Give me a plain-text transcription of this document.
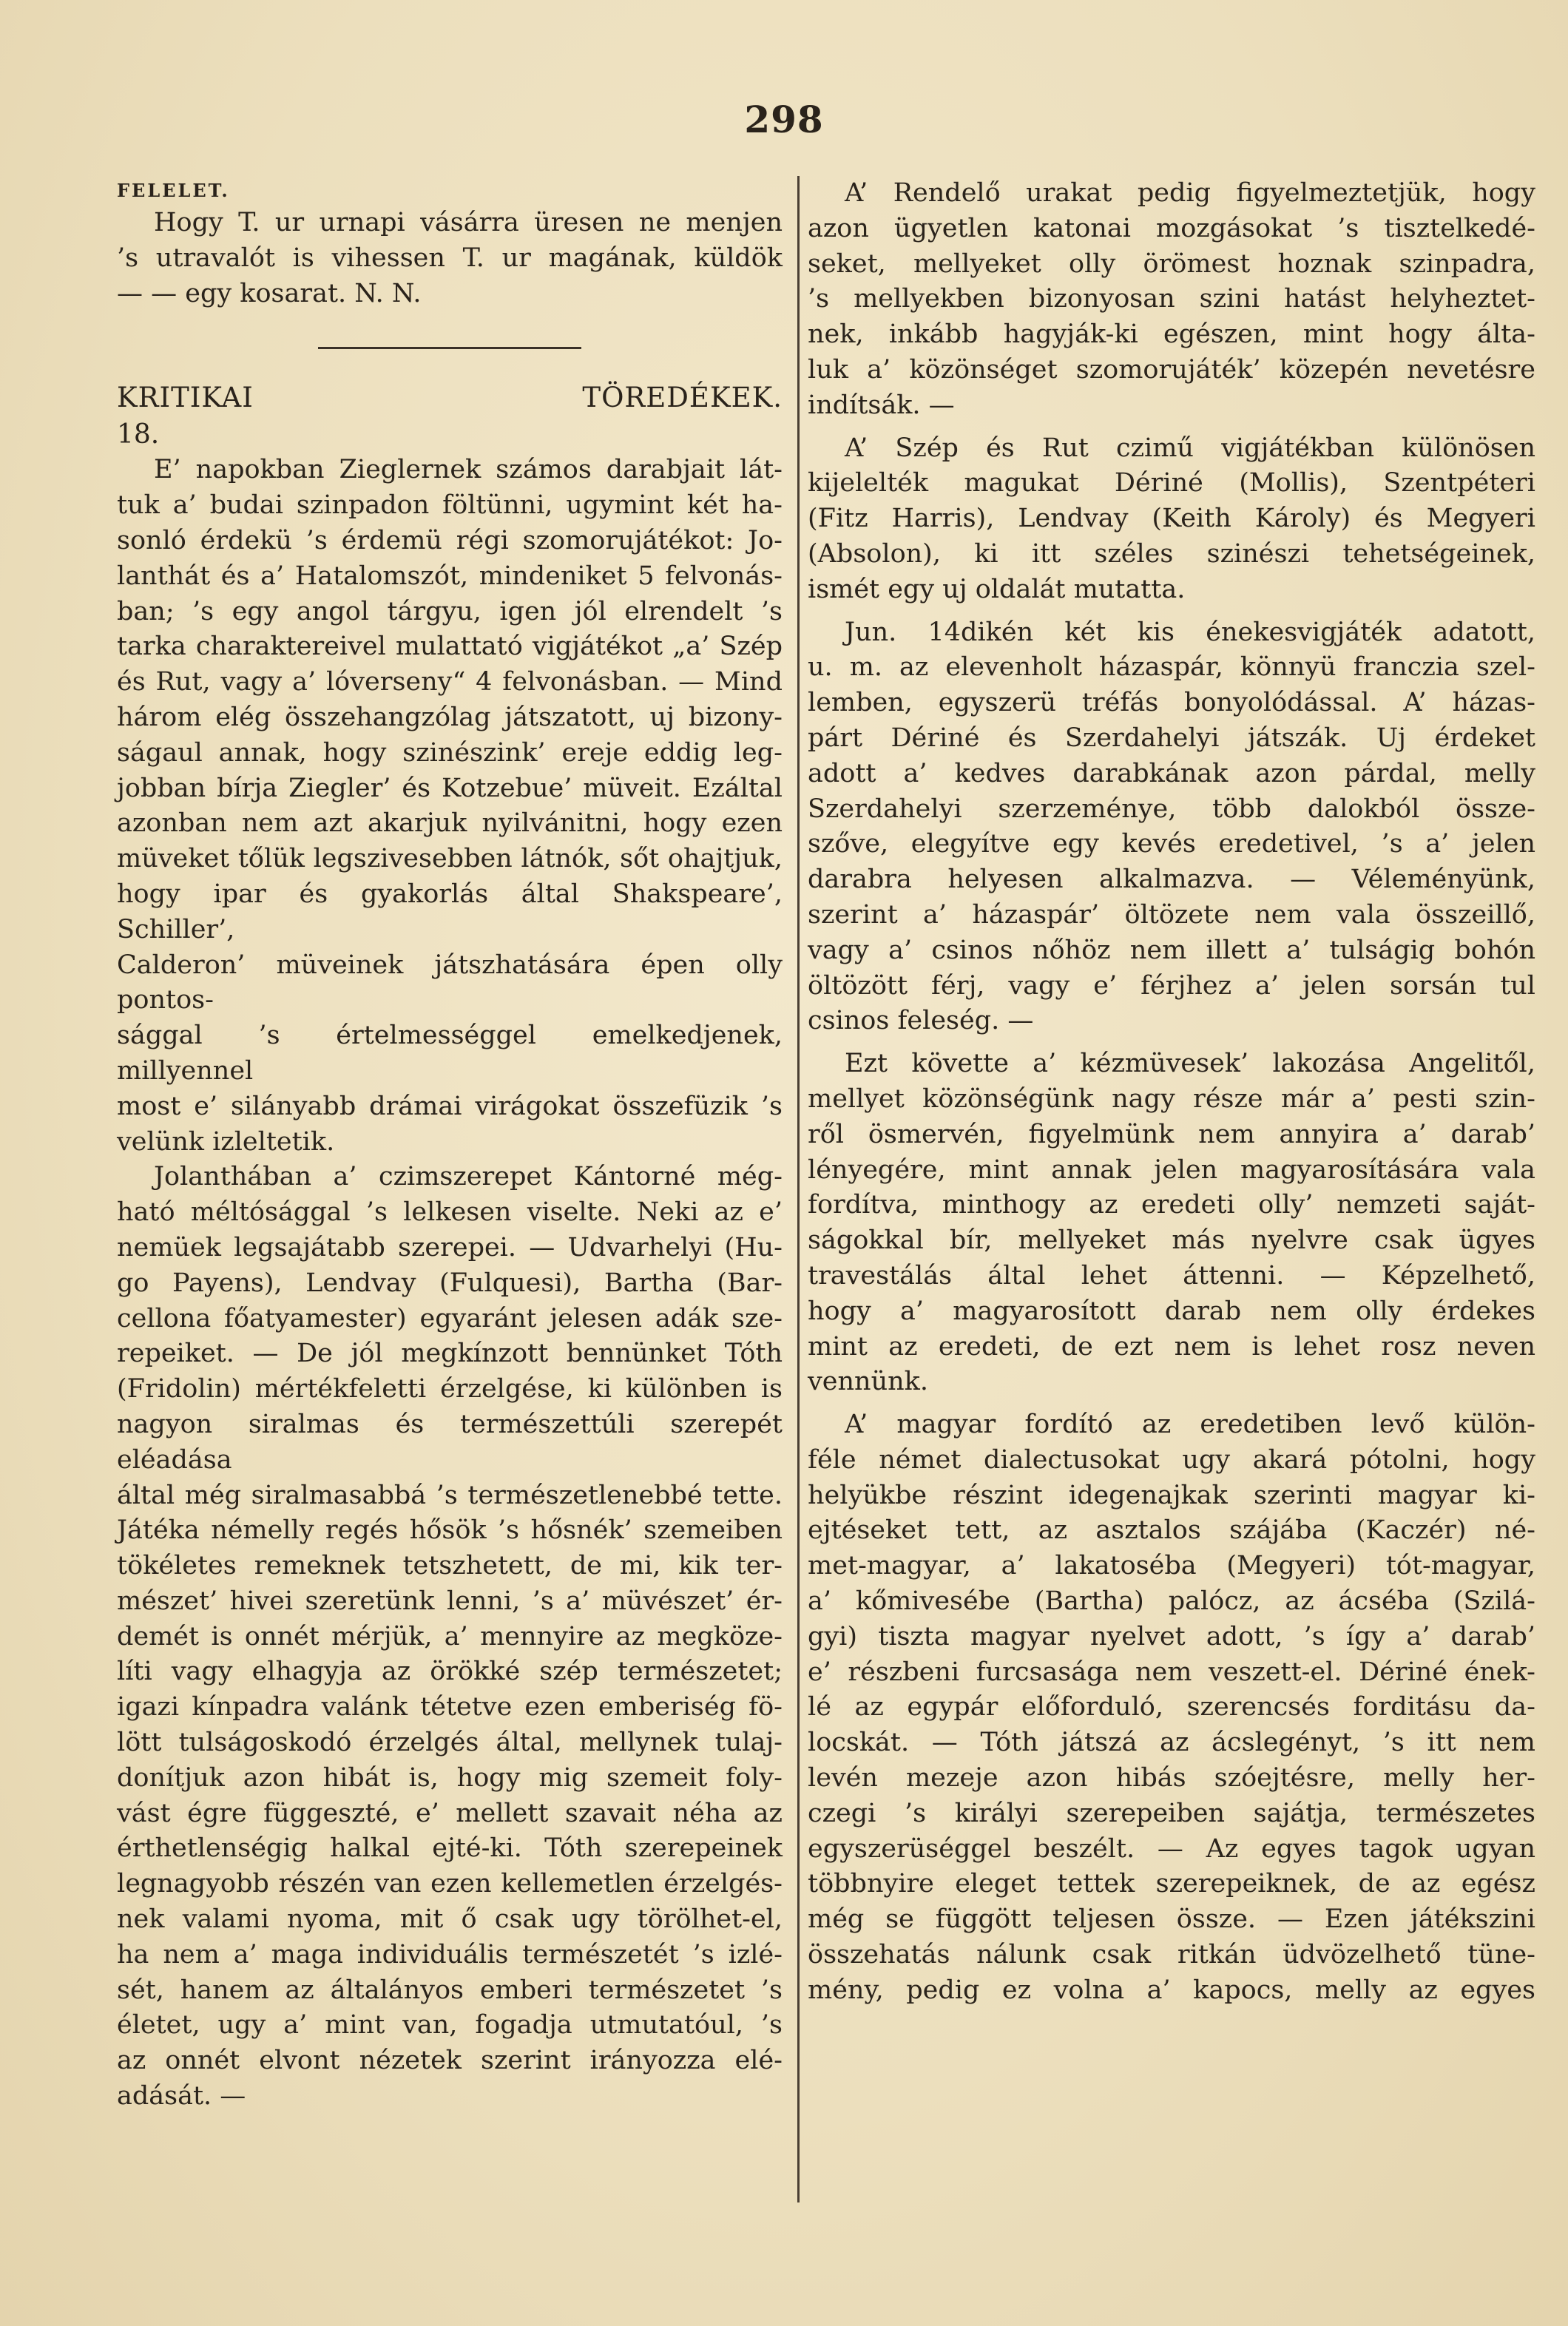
298

FELELET.

Hogy T. ur urnapi vásárra üresen ne menjen

’s utravalót is vihessen T. ur magának, küldök

— — egy kosarat. N. N.

KRITIKAI TÖREDÉKEK.

18.

E’ napokban Zieglernek számos darabjait lát-

tuk a’ budai szinpadon föltünni, ugymint két ha-

sonló érdekü ’s érdemü régi szomorujátékot: Jo-

lanthát és a’ Hatalomszót, mindeniket 5 felvonás-

ban; ’s egy angol tárgyu, igen jól elrendelt ’s

tarka charaktereivel mulattató vigjátékot „a’ Szép

és Rut, vagy a’ lóverseny“ 4 felvonásban. — Mind

három elég összehangzólag játszatott, uj bizony-

ságaul annak, hogy szinészink’ ereje eddig leg-

jobban bírja Ziegler’ és Kotzebue’ müveit. Ezáltal

azonban nem azt akarjuk nyilvánitni, hogy ezen

müveket tőlük legszivesebben látnók, sőt ohajtjuk,

hogy ipar és gyakorlás által Shakspeare’, Schiller’,

Calderon’ müveinek játszhatására épen olly pontos-

sággal ’s értelmességgel emelkedjenek, millyennel

most e’ silányabb drámai virágokat összefüzik ’s

velünk izleltetik.

Jolanthában a’ czimszerepet Kántorné még-

ható méltósággal ’s lelkesen viselte. Neki az e’

nemüek legsajátabb szerepei. — Udvarhelyi (Hu-

go Payens), Lendvay (Fulquesi), Bartha (Bar-

cellona főatyamester) egyaránt jelesen adák sze-

repeiket. — De jól megkínzott bennünket Tóth

(Fridolin) mértékfeletti érzelgése, ki különben is

nagyon siralmas és természettúli szerepét eléadása

által még siralmasabbá ’s természetlenebbé tette.

Játéka némelly regés hősök ’s hősnék’ szemeiben

tökéletes remeknek tetszhetett, de mi, kik ter-

mészet’ hivei szeretünk lenni, ’s a’ müvészet’ ér-

demét is onnét mérjük, a’ mennyire az megköze-

líti vagy elhagyja az örökké szép természetet;

igazi kínpadra valánk tétetve ezen emberiség fö-

lött tulságoskodó érzelgés által, mellynek tulaj-

donítjuk azon hibát is, hogy mig szemeit foly-

vást égre függeszté, e’ mellett szavait néha az

érthetlenségig halkal ejté-ki. Tóth szerepeinek

legnagyobb részén van ezen kellemetlen érzelgés-

nek valami nyoma, mit ő csak ugy törölhet-el,

ha nem a’ maga individuális természetét ’s izlé-

sét, hanem az általányos emberi természetet ’s

életet, ugy a’ mint van, fogadja utmutatóul, ’s

az onnét elvont nézetek szerint irányozza elé-

adását. —

A’ Rendelő urakat pedig figyelmeztetjük, hogy

azon ügyetlen katonai mozgásokat ’s tisztelkedé-

seket, mellyeket olly örömest hoznak szinpadra,

’s mellyekben bizonyosan szini hatást helyheztet-

nek, inkább hagyják-ki egészen, mint hogy álta-

luk a’ közönséget szomorujáték’ közepén nevetésre

indítsák. —

A’ Szép és Rut czimű vigjátékban különösen

kijelelték magukat Dériné (Mollis), Szentpéteri

(Fitz Harris), Lendvay (Keith Károly) és Megyeri

(Absolon), ki itt széles szinészi tehetségeinek,

ismét egy uj oldalát mutatta.

Jun. 14dikén két kis énekesvigjáték adatott,

u. m. az elevenholt házaspár, könnyü franczia szel-

lemben, egyszerü tréfás bonyolódással. A’ házas-

párt Dériné és Szerdahelyi játszák. Uj érdeket

adott a’ kedves darabkának azon párdal, melly

Szerdahelyi szerzeménye, több dalokból össze-

szőve, elegyítve egy kevés eredetivel, ’s a’ jelen

darabra helyesen alkalmazva. — Véleményünk,

szerint a’ házaspár’ öltözete nem vala összeillő,

vagy a’ csinos nőhöz nem illett a’ tulságig bohón

öltözött férj, vagy e’ férjhez a’ jelen sorsán tul

csinos feleség. —

Ezt követte a’ kézmüvesek’ lakozása Angelitől,

mellyet közönségünk nagy része már a’ pesti szin-

ről ösmervén, figyelmünk nem annyira a’ darab’

lényegére, mint annak jelen magyarosítására vala

fordítva, minthogy az eredeti olly’ nemzeti saját-

ságokkal bír, mellyeket más nyelvre csak ügyes

travestálás által lehet áttenni. — Képzelhető,

hogy a’ magyarosított darab nem olly érdekes

mint az eredeti, de ezt nem is lehet rosz neven

vennünk.

A’ magyar fordító az eredetiben levő külön-

féle német dialectusokat ugy akará pótolni, hogy

helyükbe részint idegenajkak szerinti magyar ki-

ejtéseket tett, az asztalos szájába (Kaczér) né-

met-magyar, a’ lakatoséba (Megyeri) tót-magyar,

a’ kőmivesébe (Bartha) palócz, az ácséba (Szilá-

gyi) tiszta magyar nyelvet adott, ’s így a’ darab’

e’ részbeni furcsasága nem veszett-el. Dériné ének-

lé az egypár előforduló, szerencsés forditásu da-

locskát. — Tóth játszá az ácslegényt, ’s itt nem

levén mezeje azon hibás szóejtésre, melly her-

czegi ’s királyi szerepeiben sajátja, természetes

egyszerüséggel beszélt. — Az egyes tagok ugyan

többnyire eleget tettek szerepeiknek, de az egész

még se függött teljesen össze. — Ezen játékszini

összehatás nálunk csak ritkán üdvözelhető tüne-

mény, pedig ez volna a’ kapocs, melly az egyes
